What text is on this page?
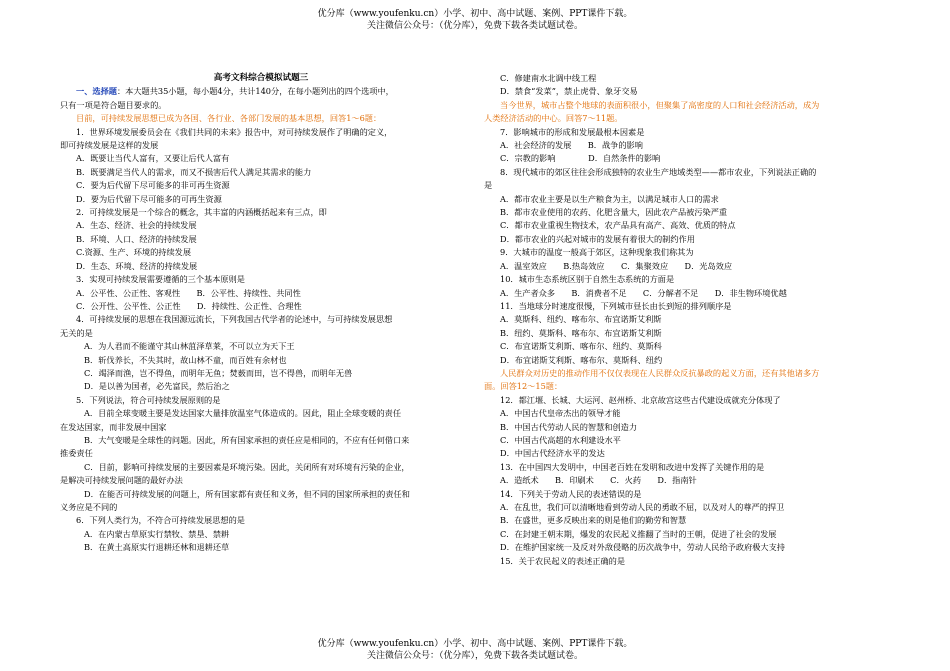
优分库（www.youfenku.cn）小学、初中、高中试题、案例、PPT课件下载。
关注微信公众号：（优分库），免费下载各类试题试卷。
高考文科综合模拟试题三
一、选择题：本大题共35小题，每小题4分，共计140分，在每小题列出的四个选项中，
只有一项是符合题目要求的。
目前，可持续发展思想已成为各国、各行业、各部门发展的基本思想，回答1～6题：
1．世界环境发展委员会在《我们共同的未来》报告中，对可持续发展作了明确的定义，
即可持续发展是这样的发展
A．既要让当代人富有，又要让后代人富有
B．既要满足当代人的需求，而又不损害后代人满足其需求的能力
C．要为后代留下尽可能多的非可再生资源
D．要为后代留下尽可能多的可再生资源
2．可持续发展是一个综合的概念，其丰富的内涵概括起来有三点，即
A．生态、经济、社会的持续发展
B．环境、人口、经济的持续发展
C.资源、生产、环境的持续发展
D．生态、环境、经济的持续发展
3．实现可持续发展需要遵循的三个基本原则是
A．公平性、公正性、客观性　　B．公平性、持续性、共同性
C．公开性、公平性、公正性　　D．持续性、公正性、合理性
4．可持续发展的思想在我国源远流长，下列我国古代学者的论述中，与可持续发展思想
无关的是
A．为人君而不能谨守其山林菹泽草莱，不可以立为天下王
B．斩伐养长，不失其时，故山林不童，而百姓有余材也
C．竭泽而渔，岂不得鱼，而明年无鱼；焚薮而田，岂不得兽，而明年无兽
D．是以善为国者，必先富民，然后治之
5．下列说法，符合可持续发展原则的是
A．目前全球变暖主要是发达国家大量排放温室气体造成的。因此，阻止全球变暖的责任
在发达国家，而非发展中国家
B．大气变暖是全球性的问题。因此，所有国家承担的责任应是相同的，不应有任何借口来
推委责任
C．目前，影响可持续发展的主要因素是环境污染。因此，关闭所有对环境有污染的企业，
是解决可持续发展问题的最好办法
D．在能否可持续发展的问题上，所有国家都有责任和义务，但不同的国家所承担的责任和
义务应是不同的
6．下列人类行为，不符合可持续发展思想的是
A．在内蒙古草原实行禁牧、禁垦、禁耕
B．在黄土高原实行退耕还林和退耕还草
C．修建南水北调中线工程
D．禁食“发菜”，禁止虎骨、象牙交易
当今世界，城市占整个地球的表面积很小，但聚集了高密度的人口和社会经济活动，成为
人类经济活动的中心。回答7～11题。
7．影响城市的形成和发展最根本因素是
A．社会经济的发展　　B．战争的影响
C．宗教的影响　　　　D．自然条件的影响
8．现代城市的郊区往往会形成独特的农业生产地域类型——都市农业，下列说法正确的
是
A．都市农业主要是以生产粮食为主，以满足城市人口的需求
B．都市农业使用的农药、化肥含量大，因此农产品被污染严重
C．都市农业重视生物技术，农产品具有高产、高效、优质的特点
D．都市农业的兴起对城市的发展有着很大的制约作用
9．大城市的温度一般高于郊区，这种现象我们称其为
A．温室效应　　B.热岛效应　　C．集聚效应　　D．光岛效应
10．城市生态系统区别于自然生态系统的方面是
A．生产者众多　　B．消费者不足　　C．分解者不足　　D．非生物环境优越
11．当地球分时速度很慢，下列城市昼长由长到短的排列顺序是
A．莫斯科、纽约、喀布尔、布宜诺斯艾利斯
B．纽约、莫斯科、喀布尔、布宜诺斯艾利斯
C．布宜诺斯艾利斯、喀布尔、纽约、莫斯科
D．布宜诺斯艾利斯、喀布尔、莫斯科、纽约
人民群众对历史的推动作用不仅仅表现在人民群众反抗暴政的起义方面，还有其他诸多方
面。回答12～15题：
12．都江堰、长城、大运河、赵州桥、北京故宫这些古代建设成就充分体现了
A．中国古代皇帝杰出的领导才能
B．中国古代劳动人民的智慧和创造力
C．中国古代高超的水利建设水平
D．中国古代经济水平的发达
13．在中国四大发明中，中国老百姓在发明和改进中发挥了关键作用的是
A．造纸术　　B．印刷术　　C．火药　　D．指南针
14．下列关于劳动人民的表述错误的是
A．在乱世，我们可以清晰地看到劳动人民的勇敢不屈，以及对人的尊严的捍卫
B．在盛世，更多反映出来的则是他们的勤劳和智慧
C．在封建王朝末期，爆发的农民起义推翻了当时的王朝，促进了社会的发展
D．在维护国家统一及反对外敌侵略的历次战争中，劳动人民给予政府极大支持
15．关于农民起义的表述正确的是
优分库（www.youfenku.cn）小学、初中、高中试题、案例、PPT课件下载。
关注微信公众号：（优分库），免费下载各类试题试卷。
